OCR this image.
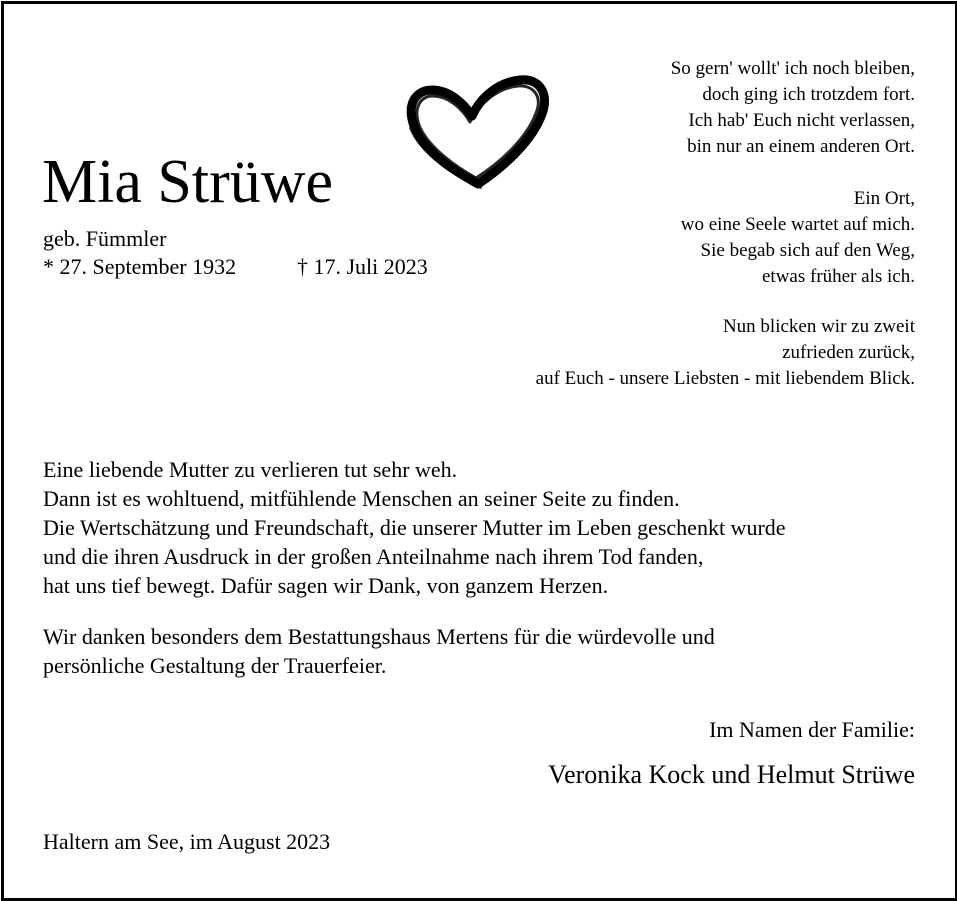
Mia Strüwe
geb. Fümmler
* 27. September 1932	† 17. Juli 2023
So gern' wollt' ich noch bleiben,
doch ging ich trotzdem fort.
Ich hab' Euch nicht verlassen,
bin nur an einem anderen Ort.
Ein Ort,
wo eine Seele wartet auf mich.
Sie begab sich auf den Weg,
etwas früher als ich.
Nun blicken wir zu zweit
zufrieden zurück,
auf Euch - unsere Liebsten - mit liebendem Blick.
Eine liebende Mutter zu verlieren tut sehr weh.
Dann ist es wohltuend, mitfühlende Menschen an seiner Seite zu finden.
Die Wertschätzung und Freundschaft, die unserer Mutter im Leben geschenkt wurde
und die ihren Ausdruck in der großen Anteilnahme nach ihrem Tod fanden,
hat uns tief bewegt. Dafür sagen wir Dank, von ganzem Herzen.
Wir danken besonders dem Bestattungshaus Mertens für die würdevolle und
persönliche Gestaltung der Trauerfeier.
Im Namen der Familie:
Veronika Kock und Helmut Strüwe
Haltern am See, im August 2023
